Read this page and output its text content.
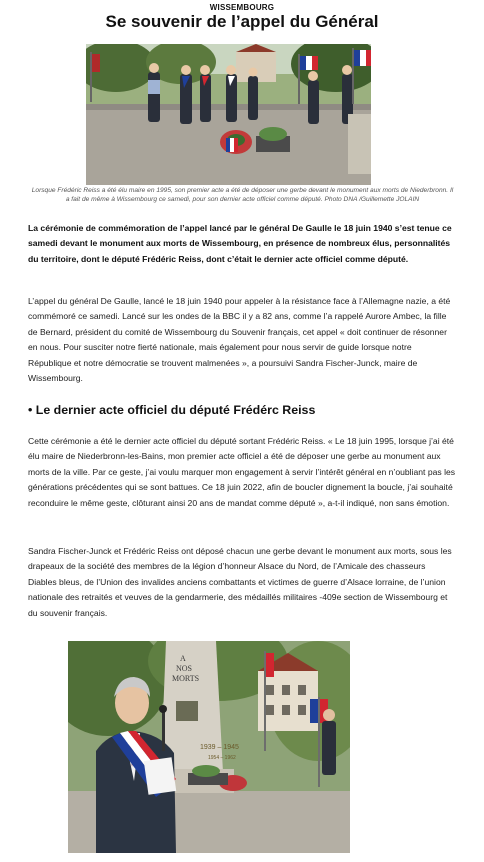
WISSEMBOURG
Se souvenir de l’appel du Général
Lorsque Frédéric Reiss a été élu maire en 1995, son premier acte a été de déposer une gerbe devant le monument aux morts de Niederbronn. Il a fait de même à Wissembourg ce samedi, pour son dernier acte officiel comme député. Photo DNA /Guillemette JOLAIN

La cérémonie de commémoration de l’appel lancé par le général De Gaulle le 18 juin 1940 s’est tenue ce samedi devant le monument aux morts de Wissembourg, en présence de nombreux élus, personnalités du territoire, dont le député Frédéric Reiss, dont c’était le dernier acte officiel comme député.

L’appel du général De Gaulle, lancé le 18 juin 1940 pour appeler à la résistance face à l’Allemagne nazie, a été commémoré ce samedi. Lancé sur les ondes de la BBC il y a 82 ans, comme l’a rappelé Aurore Ambec, la fille de Bernard, président du comité de Wissembourg du Souvenir français, cet appel « doit continuer de résonner en nous. Pour susciter notre fierté nationale, mais également pour nous servir de guide lorsque notre République et notre démocratie se trouvent malmenées », a poursuivi Sandra Fischer-Junck, maire de Wissembourg.

• Le dernier acte officiel du député Frédérc Reiss

Cette cérémonie a été le dernier acte officiel du député sortant Frédéric Reiss. « Le 18 juin 1995, lorsque j’ai été élu maire de Niederbronn-les-Bains, mon premier acte officiel a été de déposer une gerbe au monument aux morts de la ville. Par ce geste, j’ai voulu marquer mon engagement à servir l’intérêt général en n’oubliant pas les générations précédentes qui se sont battues. Ce 18 juin 2022, afin de boucler dignement la boucle, j’ai souhaité reconduire le même geste, clôturant ainsi 20 ans de mandat comme député », a-t-il indiqué, non sans émotion.

Sandra Fischer-Junck et Frédéric Reiss ont déposé chacun une gerbe devant le monument aux morts, sous les drapeaux de la société des membres de la légion d’honneur Alsace du Nord, de l’Amicale des chasseurs Diables bleus, de l’Union des invalides anciens combattants et victimes de guerre d’Alsace lorraine, de l’union nationale des retraités et veuves de la gendarmerie, des médaillés militaires -409e section de Wissembourg et du souvenir français.

A
NOS
MORTS
1939 – 1945
1954 – 1962
